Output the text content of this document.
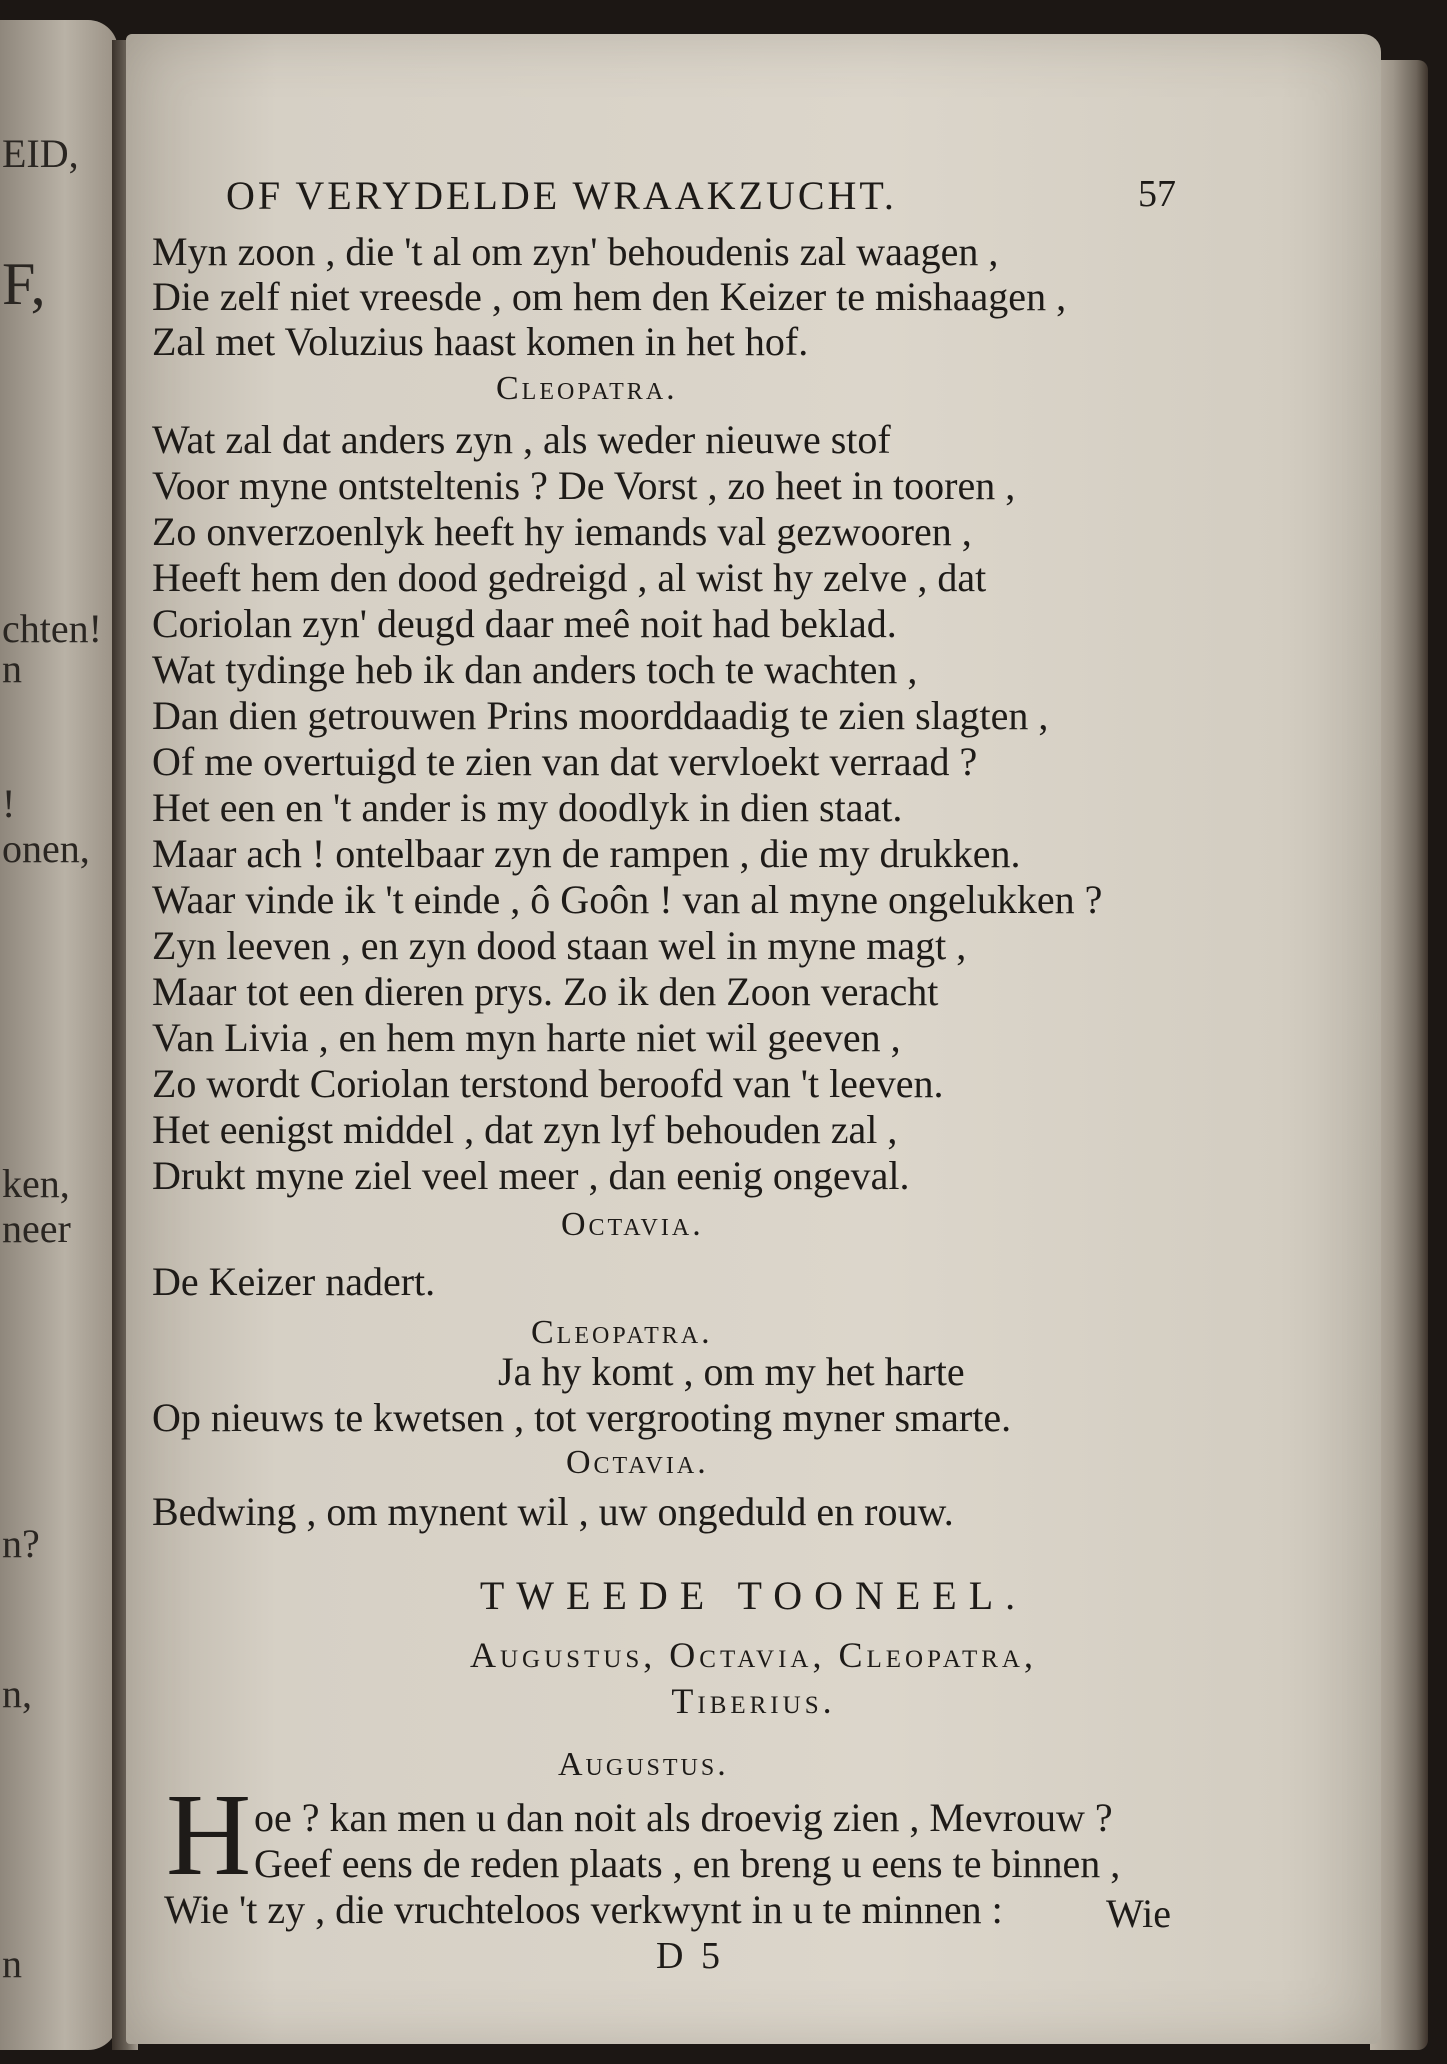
EID,
F,
chten!
n
!
onen,
ken,
neer
n?
n,
n
OF VERYDELDE WRAAKZUCHT.	57
Myn zoon , die 't al om zyn' behoudenis zal waagen ,
Die zelf niet vreesde , om hem den Keizer te mishaagen ,
Zal met Voluzius haast komen in het hof.
Cleopatra.
Wat zal dat anders zyn , als weder nieuwe stof
Voor myne ontsteltenis ? De Vorst , zo heet in tooren ,
Zo onverzoenlyk heeft hy iemands val gezwooren ,
Heeft hem den dood gedreigd , al wist hy zelve , dat
Coriolan zyn' deugd daar meê noit had beklad.
Wat tydinge heb ik dan anders toch te wachten ,
Dan dien getrouwen Prins moorddaadig te zien slagten ,
Of me overtuigd te zien van dat vervloekt verraad ?
Het een en 't ander is my doodlyk in dien staat.
Maar ach ! ontelbaar zyn de rampen , die my drukken.
Waar vinde ik 't einde , ô Goôn ! van al myne ongelukken ?
Zyn leeven , en zyn dood staan wel in myne magt ,
Maar tot een dieren prys. Zo ik den Zoon veracht
Van Livia , en hem myn harte niet wil geeven ,
Zo wordt Coriolan terstond beroofd van 't leeven.
Het eenigst middel , dat zyn lyf behouden zal ,
Drukt myne ziel veel meer , dan eenig ongeval.
Octavia.
De Keizer nadert.
Cleopatra.
Ja hy komt , om my het harte
Op nieuws te kwetsen , tot vergrooting myner smarte.
Octavia.
Bedwing , om mynent wil , uw ongeduld en rouw.
TWEEDE TOONEEL.
Augustus, Octavia, Cleopatra,
Tiberius.
Augustus.
H oe ? kan men u dan noit als droevig zien , Mevrouw ?
Geef eens de reden plaats , en breng u eens te binnen ,
Wie 't zy , die vruchteloos verkwynt in u te minnen :
D 5
Wie
